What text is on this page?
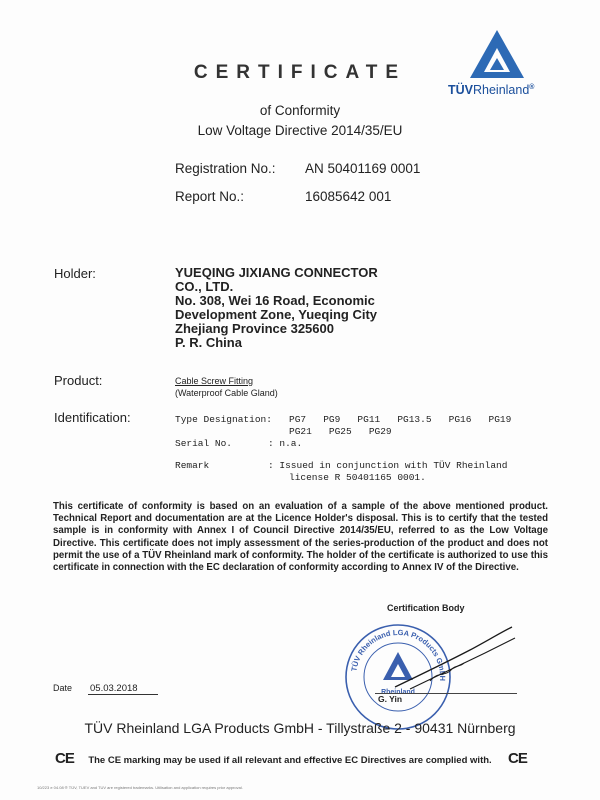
CERTIFICATE
of Conformity
Low Voltage Directive 2014/35/EU
TÜVRheinland®
Registration No.: AN 50401169 0001
Report No.:	16085642 001
Holder:	YUEQING JIXIANG CONNECTOR
CO., LTD.
No. 308, Wei 16 Road, Economic
Development Zone, Yueqing City
Zhejiang Province 325600
P. R. China
Product:	Cable Screw Fitting
(Waterproof Cable Gland)
Identification:	Type Designation: PG7   PG9   PG11   PG13.5   PG16   PG19
PG21   PG25   PG29
Serial No.	: n.a.
Remark	: Issued in conjunction with TÜV Rheinland
license R 50401165 0001.
This certificate of conformity is based on an evaluation of a sample of the above mentioned product. Technical Report and documentation are at the Licence Holder's disposal. This is to certify that the tested sample is in conformity with Annex I of Council Directive 2014/35/EU, referred to as the Low Voltage Directive. This certificate does not imply assessment of the series-production of the product and does not permit the use of a TÜV Rheinland mark of conformity. The holder of the certificate is authorized to use this certificate in connection with the EC declaration of conformity according to Annex IV of the Directive.
Certification Body
TÜV Rheinland LGA Products GmbH
Rheinland
G. Yin
Date 05.03.2018
TÜV Rheinland LGA Products GmbH - Tillystraße 2 - 90431 Nürnberg
CE	The CE marking may be used if all relevant and effective EC Directives are complied with.	CE
10/223 e 04.08 ® TÜV, TUEV and TUV are registered trademarks. Utilisation and application requires prior approval.
